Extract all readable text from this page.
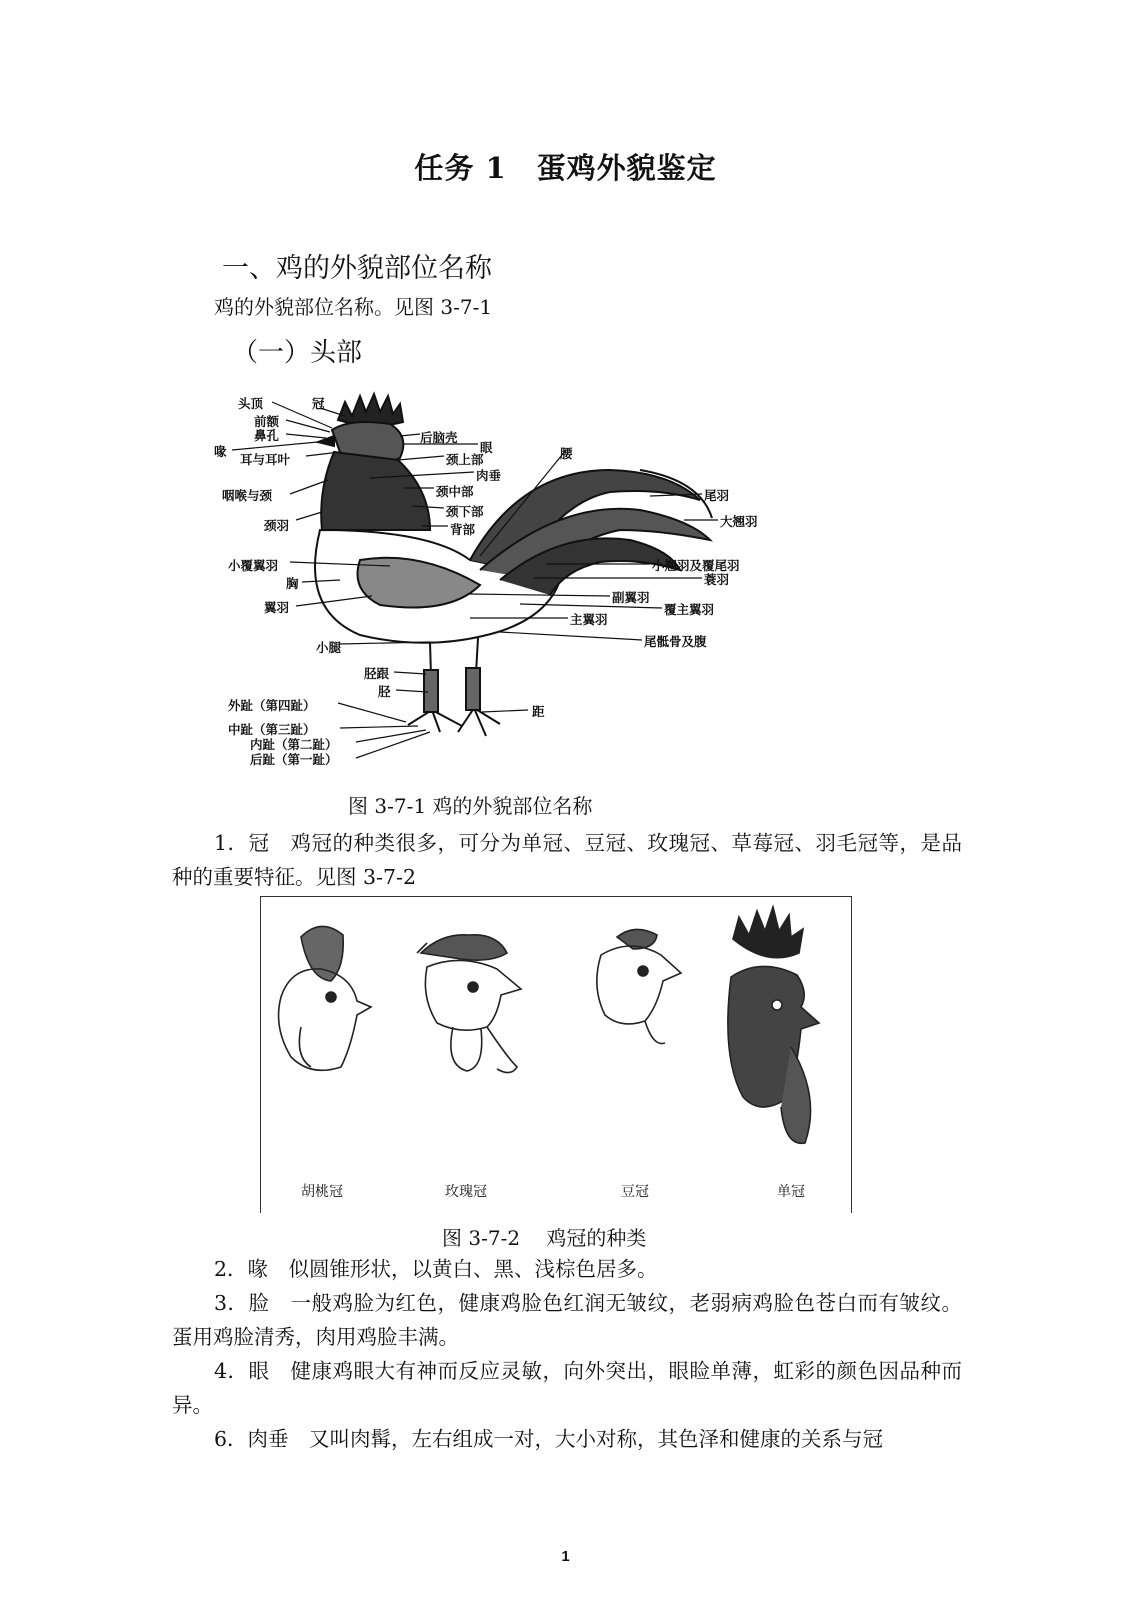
任务 1　蛋鸡外貌鉴定
一、鸡的外貌部位名称
鸡的外貌部位名称。见图 3-7-1
（一）头部
头顶	冠
前额
鼻孔
喙
耳与耳叶
咽喉与颈
颈羽
小覆翼羽
胸
翼羽
小腿
胫跟
胫
外趾（第四趾）
中趾（第三趾）
内趾（第二趾）
后趾（第一趾）
后脑壳
眼
颈上部
肉垂
颈中部
颈下部
背部
腰
尾羽
大翘羽
小翘羽及覆尾羽
蓑羽
副翼羽
覆主翼羽
主翼羽
尾骶骨及腹
距
图 3-7-1 鸡的外貌部位名称
1．冠　鸡冠的种类很多，可分为单冠、豆冠、玫瑰冠、草莓冠、羽毛冠等，是品种的重要特征。见图 3-7-2
胡桃冠	玫瑰冠	豆冠	单冠
图 3-7-2　 鸡冠的种类
2．喙　似圆锥形状，以黄白、黑、浅棕色居多。
3．脸　一般鸡脸为红色，健康鸡脸色红润无皱纹，老弱病鸡脸色苍白而有皱纹。蛋用鸡脸清秀，肉用鸡脸丰满。
4．眼　健康鸡眼大有神而反应灵敏，向外突出，眼睑单薄，虹彩的颜色因品种而异。
6．肉垂　又叫肉髯，左右组成一对，大小对称，其色泽和健康的关系与冠
1
